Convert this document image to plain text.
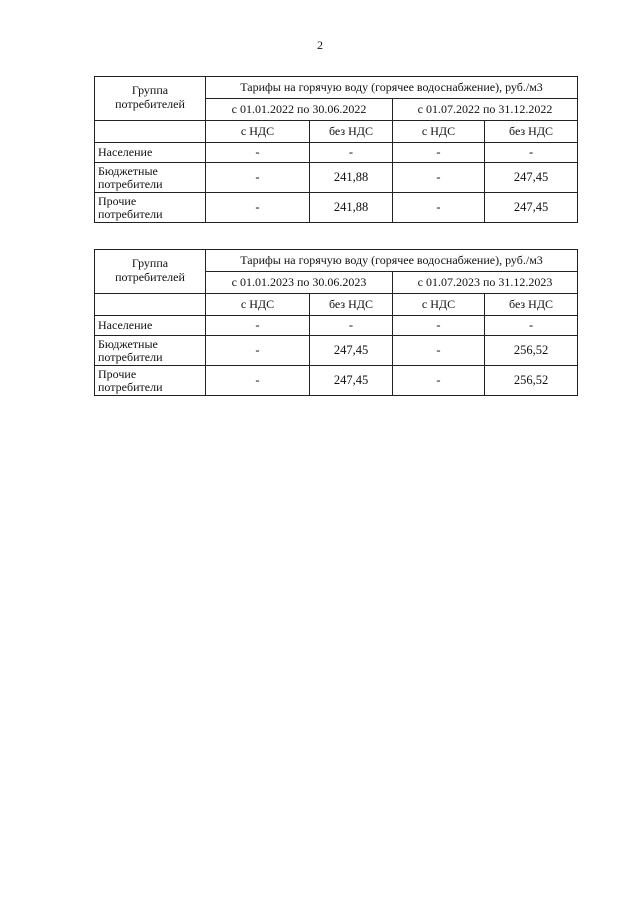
2
Группа потребителей	Тарифы на горячую воду (горячее водоснабжение), руб./м3			
	с 01.01.2022 по 30.06.2022		с 01.07.2022 по 31.12.2022	
	с НДС	без НДС	с НДС	без НДС
Население	-	-	-	-
Бюджетные потребители	-	241,88	-	247,45
Прочие потребители	-	241,88	-	247,45
Группа потребителей	Тарифы на горячую воду (горячее водоснабжение), руб./м3			
	с 01.01.2023 по 30.06.2023		с 01.07.2023 по 31.12.2023	
	с НДС	без НДС	с НДС	без НДС
Население	-	-	-	-
Бюджетные потребители	-	247,45	-	256,52
Прочие потребители	-	247,45	-	256,52
